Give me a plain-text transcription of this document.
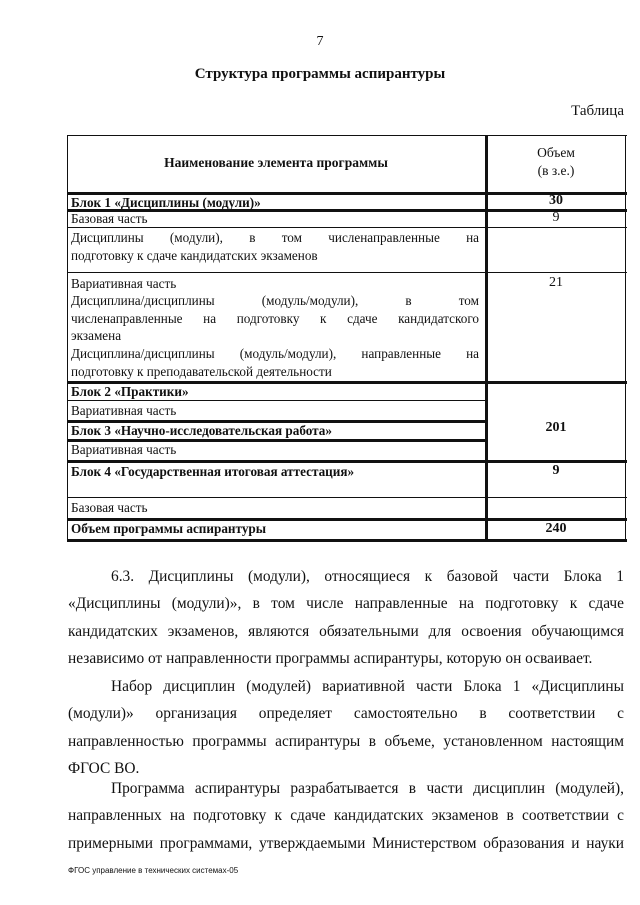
7
Структура программы аспирантуры
Таблица
Наименование элемента программы
Объем
(в з.е.)
Блок 1 «Дисциплины (модули)»	30
Базовая часть	9
Дисциплины (модули), в том численаправленные на
подготовку к сдаче кандидатских экзаменов
Вариативная часть	21
Дисциплина/дисциплины (модуль/модули), в том
численаправленные на подготовку к сдаче кандидатского
экзамена
Дисциплина/дисциплины (модуль/модули), направленные на
подготовку к преподавательской деятельности
Блок 2 «Практики»
Вариативная часть
Блок 3 «Научно-исследовательская работа»
Вариативная часть
201
Блок 4 «Государственная итоговая аттестация»	9
Базовая часть
Объем программы аспирантуры	240
6.3. Дисциплины (модули), относящиеся к базовой части Блока 1
«Дисциплины (модули)», в том числе направленные на подготовку к сдаче
кандидатских экзаменов, являются обязательными для освоения обучающимся
независимо от направленности программы аспирантуры, которую он осваивает.
Набор дисциплин (модулей) вариативной части Блока 1 «Дисциплины
(модули)» организация определяет самостоятельно в соответствии с
направленностью программы аспирантуры в объеме, установленном настоящим
ФГОС ВО.
Программа аспирантуры разрабатывается в части дисциплин (модулей),
направленных на подготовку к сдаче кандидатских экзаменов в соответствии с
примерными программами, утверждаемыми Министерством образования и науки
ФГОС управление в технических системах-05
